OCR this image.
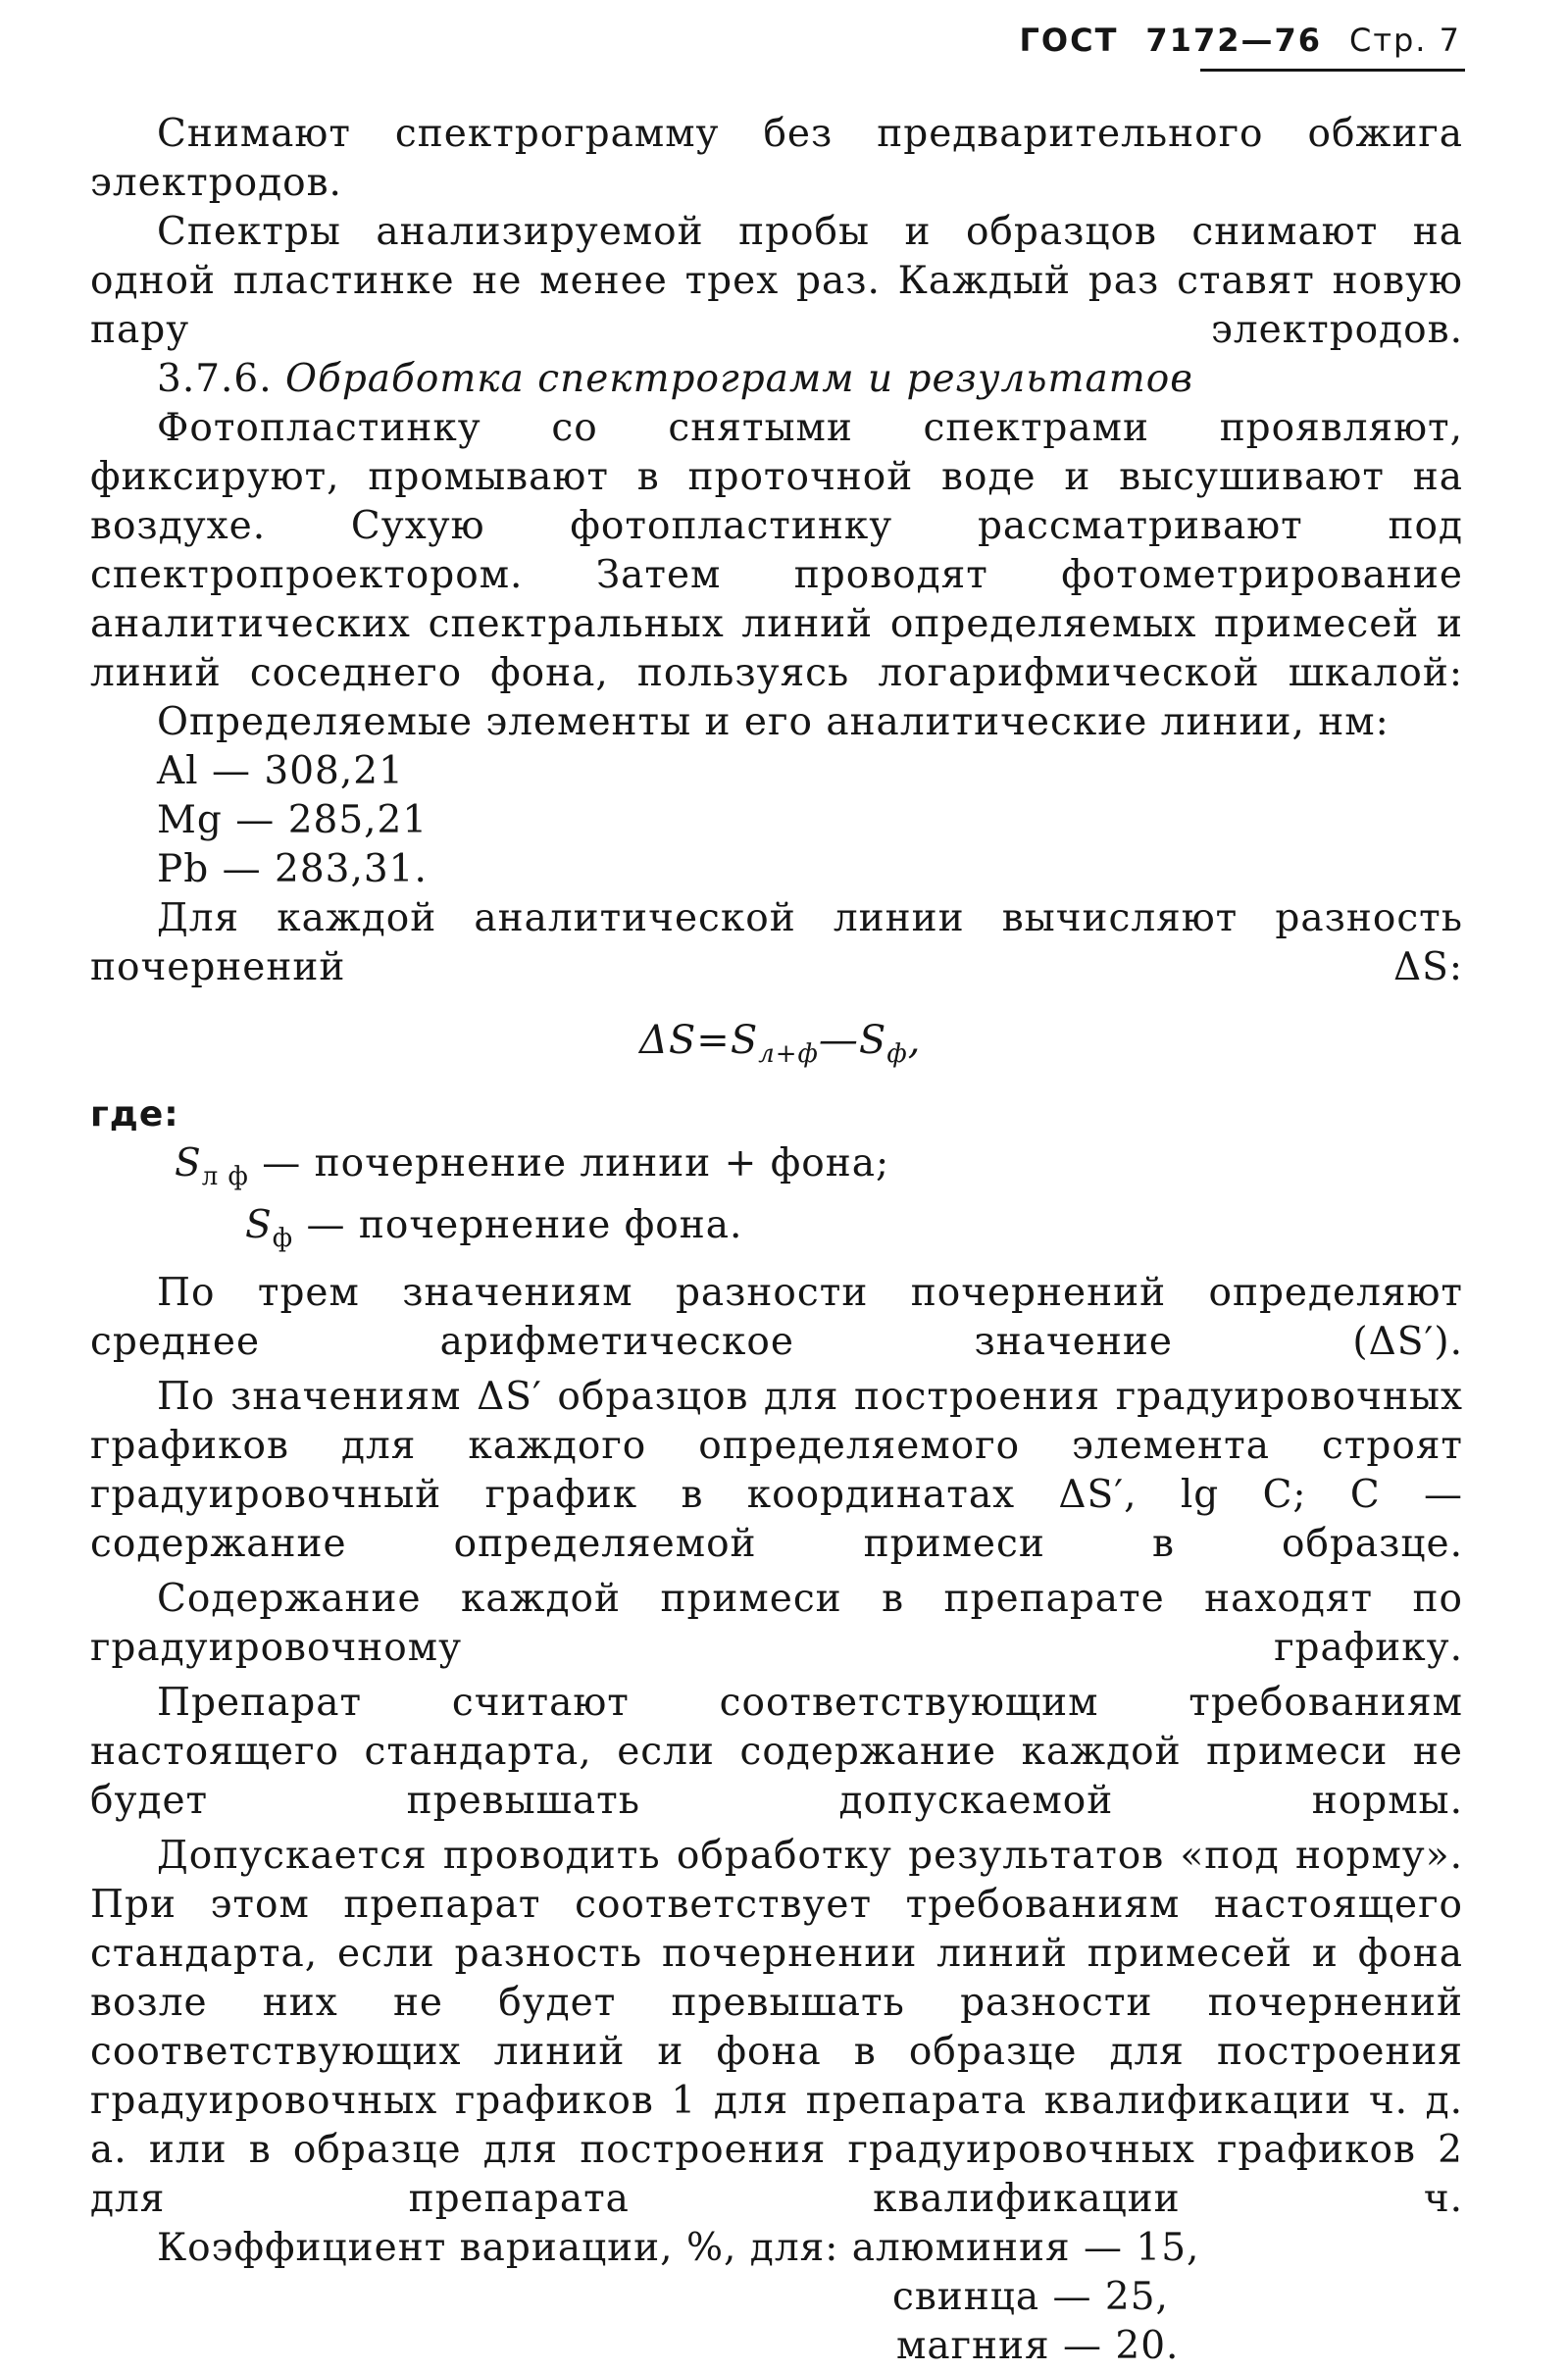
ГОСТ 7172—76 Стр. 7

Снимают спектрограмму без предварительного обжига электродов.

Спектры анализируемой пробы и образцов снимают на одной пластинке не менее трех раз. Каждый раз ставят новую пару электродов.

3.7.6. Обработка спектрограмм и результатов

Фотопластинку со снятыми спектрами проявляют, фиксируют, промывают в проточной воде и высушивают на воздухе. Сухую фотопластинку рассматривают под спектропроектором. Затем проводят фотометрирование аналитических спектральных линий определяемых примесей и линий соседнего фона, пользуясь логарифмической шкалой:

Определяемые элементы и его аналитические линии, нм:

Al — 308,21

Mg — 285,21

Pb — 283,31.

Для каждой аналитической линии вычисляют разность почернений ΔS:

$\Delta S=S_{л+ф}—S_ф$,

где:

$S_{л ф}$ — почернение линии + фона;

$S_ф$ — почернение фона.

По трем значениям разности почернений определяют среднее арифметическое значение (ΔS′).

По значениям ΔS′ образцов для построения градуировочных графиков для каждого определяемого элемента строят градуировочный график в координатах ΔS′, lg C; C — содержание определяемой примеси в образце.

Содержание каждой примеси в препарате находят по градуировочному графику.

Препарат считают соответствующим требованиям настоящего стандарта, если содержание каждой примеси не будет превышать допускаемой нормы.

Допускается проводить обработку результатов «под норму». При этом препарат соответствует требованиям настоящего стандарта, если разность почернении линий примесей и фона возле них не будет превышать разности почернений соответствующих линий и фона в образце для построения градуировочных графиков 1 для препарата квалификации ч. д. а. или в образце для построения градуировочных графиков 2 для препарата квалификации ч.

Коэффициент вариации, %, для: алюминия — 15,

свинца — 25,

магния — 20.
